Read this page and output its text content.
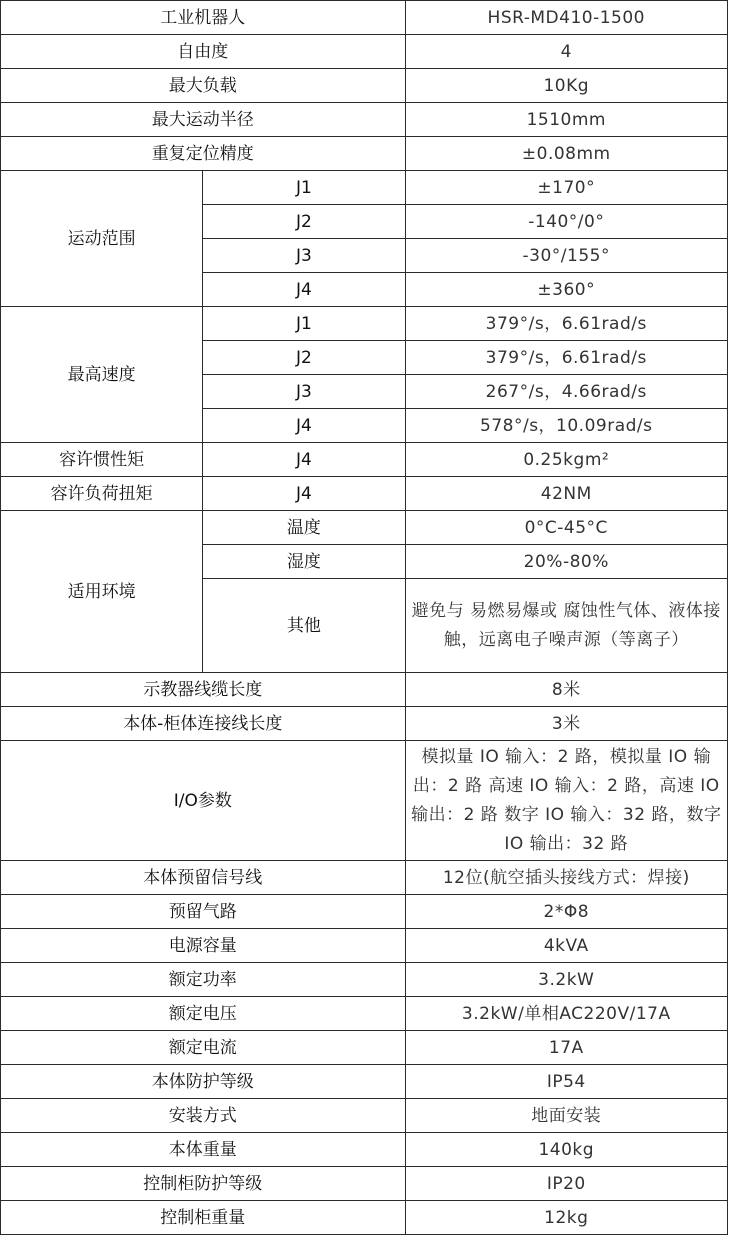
工业机器人		HSR-MD410-1500
自由度		4
最大负载		10Kg
最大运动半径		1510mm
重复定位精度		±0.08mm
运动范围	J1	±170°
	J2	-140°/0°
	J3	-30°/155°
	J4	±360°
最高速度	J1	379°/s，6.61rad/s
	J2	379°/s，6.61rad/s
	J3	267°/s，4.66rad/s
	J4	578°/s，10.09rad/s
容许惯性矩	J4	0.25kgm²
容许负荷扭矩	J4	42NM
适用环境	温度	0°C-45°C
	湿度	20%-80%
	其他	避免与 易燃易爆或 腐蚀性气体、液体接触，远离电子噪声源（等离子）
示教器线缆长度		8米
本体-柜体连接线长度		3米
I/O参数		模拟量 IO 输入：2 路，模拟量 IO 输 出：2 路 高速 IO 输入：2 路，高速 IO 输出：2 路 数字 IO 输入：32 路，数字 IO 输出：32 路
本体预留信号线		12位(航空插头接线方式：焊接)
预留气路		2*Φ8
电源容量		4kVA
额定功率		3.2kW
额定电压		3.2kW/单相AC220V/17A
额定电流		17A
本体防护等级		IP54
安装方式		地面安装
本体重量		140kg
控制柜防护等级		IP20
控制柜重量		12kg
